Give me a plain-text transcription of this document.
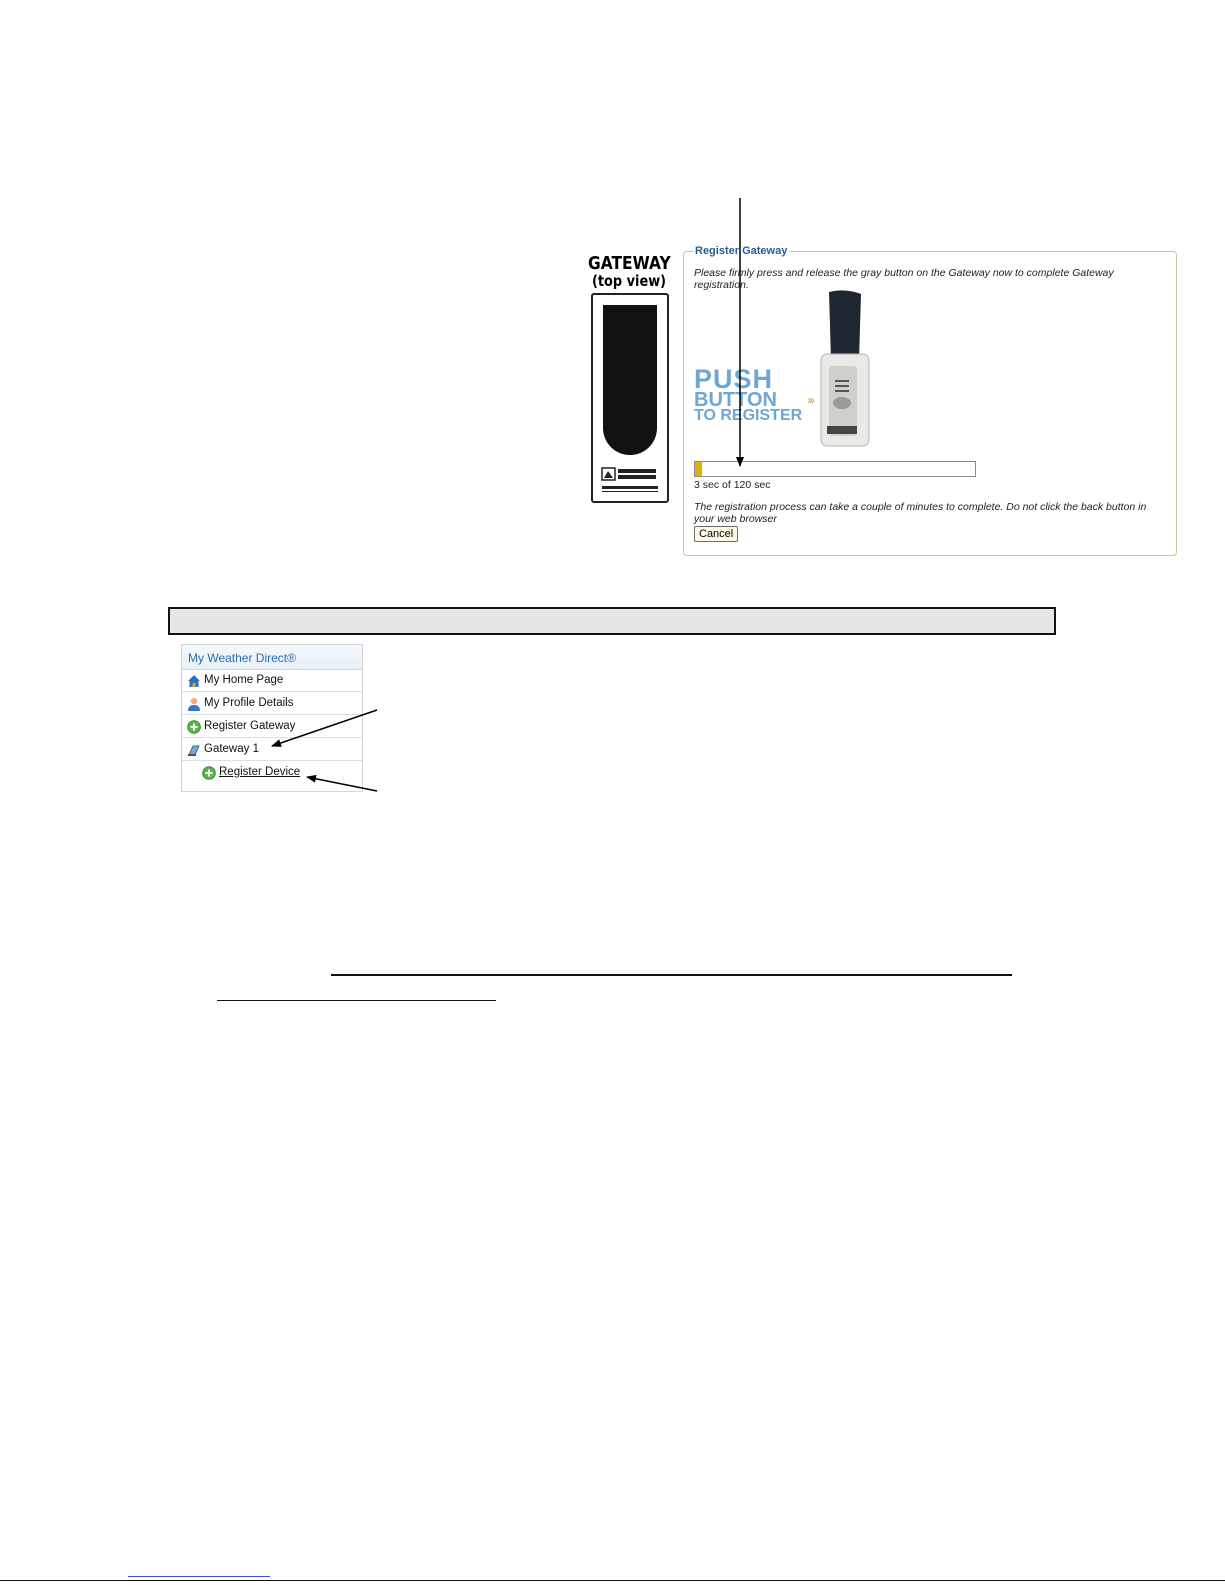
GATEWAY
(top view)
Register Gateway
Please firmly press and release the gray button on the Gateway now to complete Gateway registration.
PUSH
BUTTON
TO REGISTER
›››
3 sec of 120 sec
The registration process can take a couple of minutes to complete. Do not click the back button in your web browser
Cancel
My Weather Direct®
My Home Page
My Profile Details
Register Gateway
Gateway 1
Register Device
